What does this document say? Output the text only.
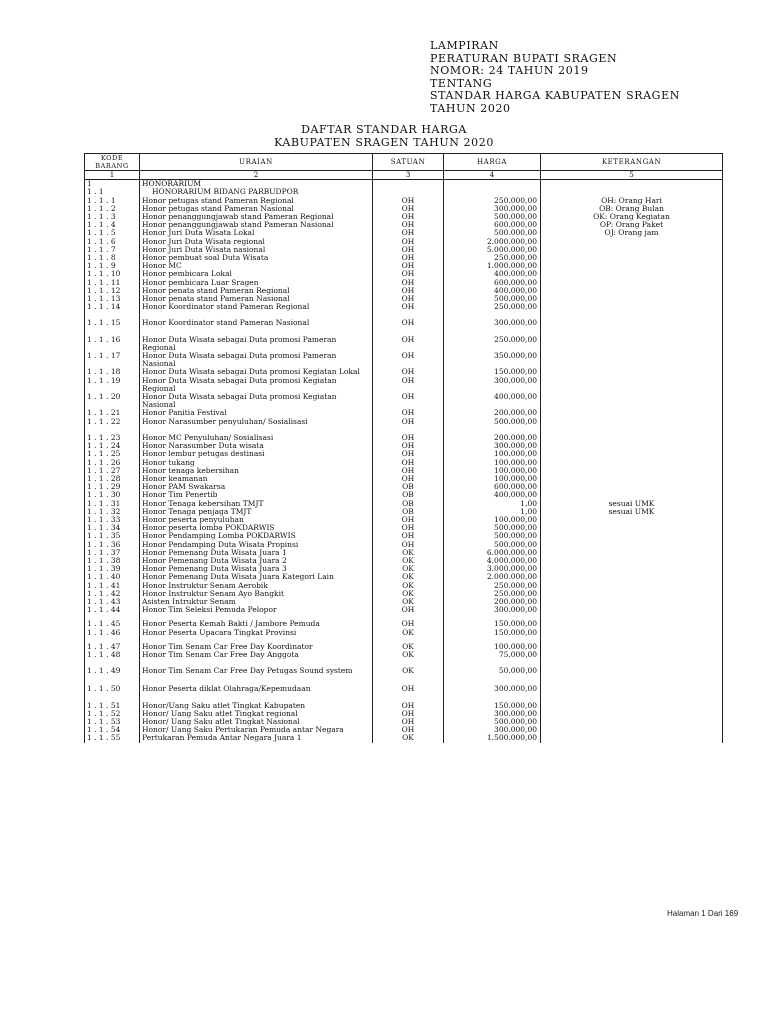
LAMPIRAN
PERATURAN BUPATI SRAGEN
NOMOR: 24 TAHUN 2019
TENTANG
STANDAR HARGA KABUPATEN SRAGEN
TAHUN 2020
DAFTAR STANDAR HARGA
KABUPATEN SRAGEN TAHUN 2020
KODE BARANG	URAIAN	SATUAN	HARGA	KETERANGAN
1	2	3	4	5
1	HONORARIUM			
1 . 1	HONORARIUM BIDANG PARBUDPOR			
1 . 1 . 1	Honor petugas stand Pameran Regional	OH	250.000,00	OH: Orang Hari
1 . 1 . 2	Honor petugas stand Pameran Nasional	OH	300.000,00	OB: Orang Bulan
1 . 1 . 3	Honor penanggungjawab stand Pameran Regional	OH	500.000,00	OK: Orang Kegiatan
1 . 1 . 4	Honor penanggungjawab stand Pameran Nasional	OH	600.000,00	OP: Orang Paket
1 . 1 . 5	Honor Juri Duta Wisata Lokal	OH	500.000,00	OJ: Orang jam
1 . 1 . 6	Honor Juri Duta Wisata regional	OH	2.000.000,00	
1 . 1 . 7	Honor Juri Duta Wisata nasional	OH	5.000.000,00	
1 . 1 . 8	Honor pembuat soal Duta Wisata	OH	250.000,00	
1 . 1 . 9	Honor MC	OH	1.000.000,00	
1 . 1 . 10	Honor pembicara Lokal	OH	400.000,00	
1 . 1 . 11	Honor pembicara Luar Sragen	OH	600.000,00	
1 . 1 . 12	Honor penata stand Pameran Regional	OH	400.000,00	
1 . 1 . 13	Honor penata stand Pameran Nasional	OH	500.000,00	
1 . 1 . 14	Honor Koordinator stand Pameran Regional	OH	250.000,00	
1 . 1 . 15	Honor Koordinator stand Pameran Nasional	OH	300.000,00	
1 . 1 . 16	Honor Duta Wisata sebagai Duta promosi Pameran Regional	OH	250.000,00	
1 . 1 . 17	Honor Duta Wisata sebagai Duta promosi Pameran Nasional	OH	350.000,00	
1 . 1 . 18	Honor Duta Wisata sebagai Duta promosi Kegiatan Lokal	OH	150.000,00	
1 . 1 . 19	Honor Duta Wisata sebagai Duta promosi Kegiatan Regional	OH	300.000,00	
1 . 1 . 20	Honor Duta Wisata sebagai Duta promosi Kegiatan Nasional	OH	400.000,00	
1 . 1 . 21	Honor Panitia Festival	OH	200.000,00	
1 . 1 . 22	Honor Narasumber penyuluhan/ Sosialisasi	OH	500.000,00	
1 . 1 . 23	Honor MC Penyuluhan/ Sosialisasi	OH	200.000,00	
1 . 1 . 24	Honor Narasumber Duta wisata	OH	300.000,00	
1 . 1 . 25	Honor lembur petugas destinasi	OH	100.000,00	
1 . 1 . 26	Honor tukang	OH	100.000,00	
1 . 1 . 27	Honor tenaga kebersihan	OH	100.000,00	
1 . 1 . 28	Honor keamanan	OH	100.000,00	
1 . 1 . 29	Honor PAM Swakarsa	OB	600.000,00	
1 . 1 . 30	Honor Tim Penertib	OB	400.000,00	
1 . 1 . 31	Honor Tenaga kebersihan TMJT	OB	1,00	sesuai UMK
1 . 1 . 32	Honor Tenaga penjaga TMJT	OB	1,00	sesuai UMK
1 . 1 . 33	Honor peserta penyuluhan	OH	100.000,00	
1 . 1 . 34	Honor peserta lomba POKDARWIS	OH	500.000,00	
1 . 1 . 35	Honor Pendamping Lomba POKDARWIS	OH	500.000,00	
1 . 1 . 36	Honor Pendamping Duta Wisata Propinsi	OH	500.000,00	
1 . 1 . 37	Honor Pemenang Duta Wisata Juara 1	OK	6.000.000,00	
1 . 1 . 38	Honor Pemenang Duta Wisata Juara 2	OK	4.000.000,00	
1 . 1 . 39	Honor Pemenang Duta Wisata Juara 3	OK	3.000.000,00	
1 . 1 . 40	Honor Pemenang Duta Wisata Juara Kategori Lain	OK	2.000.000,00	
1 . 1 . 41	Honor Instruktur Senam Aerobik	OK	250.000,00	
1 . 1 . 42	Honor Instruktur Senam Ayo Bangkit	OK	250.000,00	
1 . 1 . 43	Asisten Intruktur Senam	OK	200.000,00	
1 . 1 . 44	Honor Tim Seleksi Pemuda Pelopor	OH	300.000,00	
1 . 1 . 45	Honor Peserta Kemah Bakti / Jambore Pemuda	OH	150.000,00	
1 . 1 . 46	Honor Peserta Upacara Tingkat Provinsi	OK	150.000,00	
1 . 1 . 47	Honor Tim Senam Car Free Day Koordinator	OK	100.000,00	
1 . 1 . 48	Honor Tim Senam Car Free Day Anggota	OK	75.000,00	
1 . 1 . 49	Honor Tim Senam Car Free Day Petugas Sound system	OK	50.000,00	
1 . 1 . 50	Honor Peserta diklat Olahraga/Kepemudaan	OH	300.000,00	
1 . 1 . 51	Honor/Uang Saku atlet Tingkat Kabupaten	OH	150.000,00	
1 . 1 . 52	Honor/ Uang Saku atlet Tingkat regional	OH	300.000,00	
1 . 1 . 53	Honor/ Uang Saku atlet Tingkat Nasional	OH	500.000,00	
1 . 1 . 54	Honor/ Uang Saku Pertukaran Pemuda antar Negara	OH	300.000,00	
1 . 1 . 55	Pertukaran Pemuda Antar Negara Juara 1	OK	1.500.000,00	
Halaman 1 Dari 169
